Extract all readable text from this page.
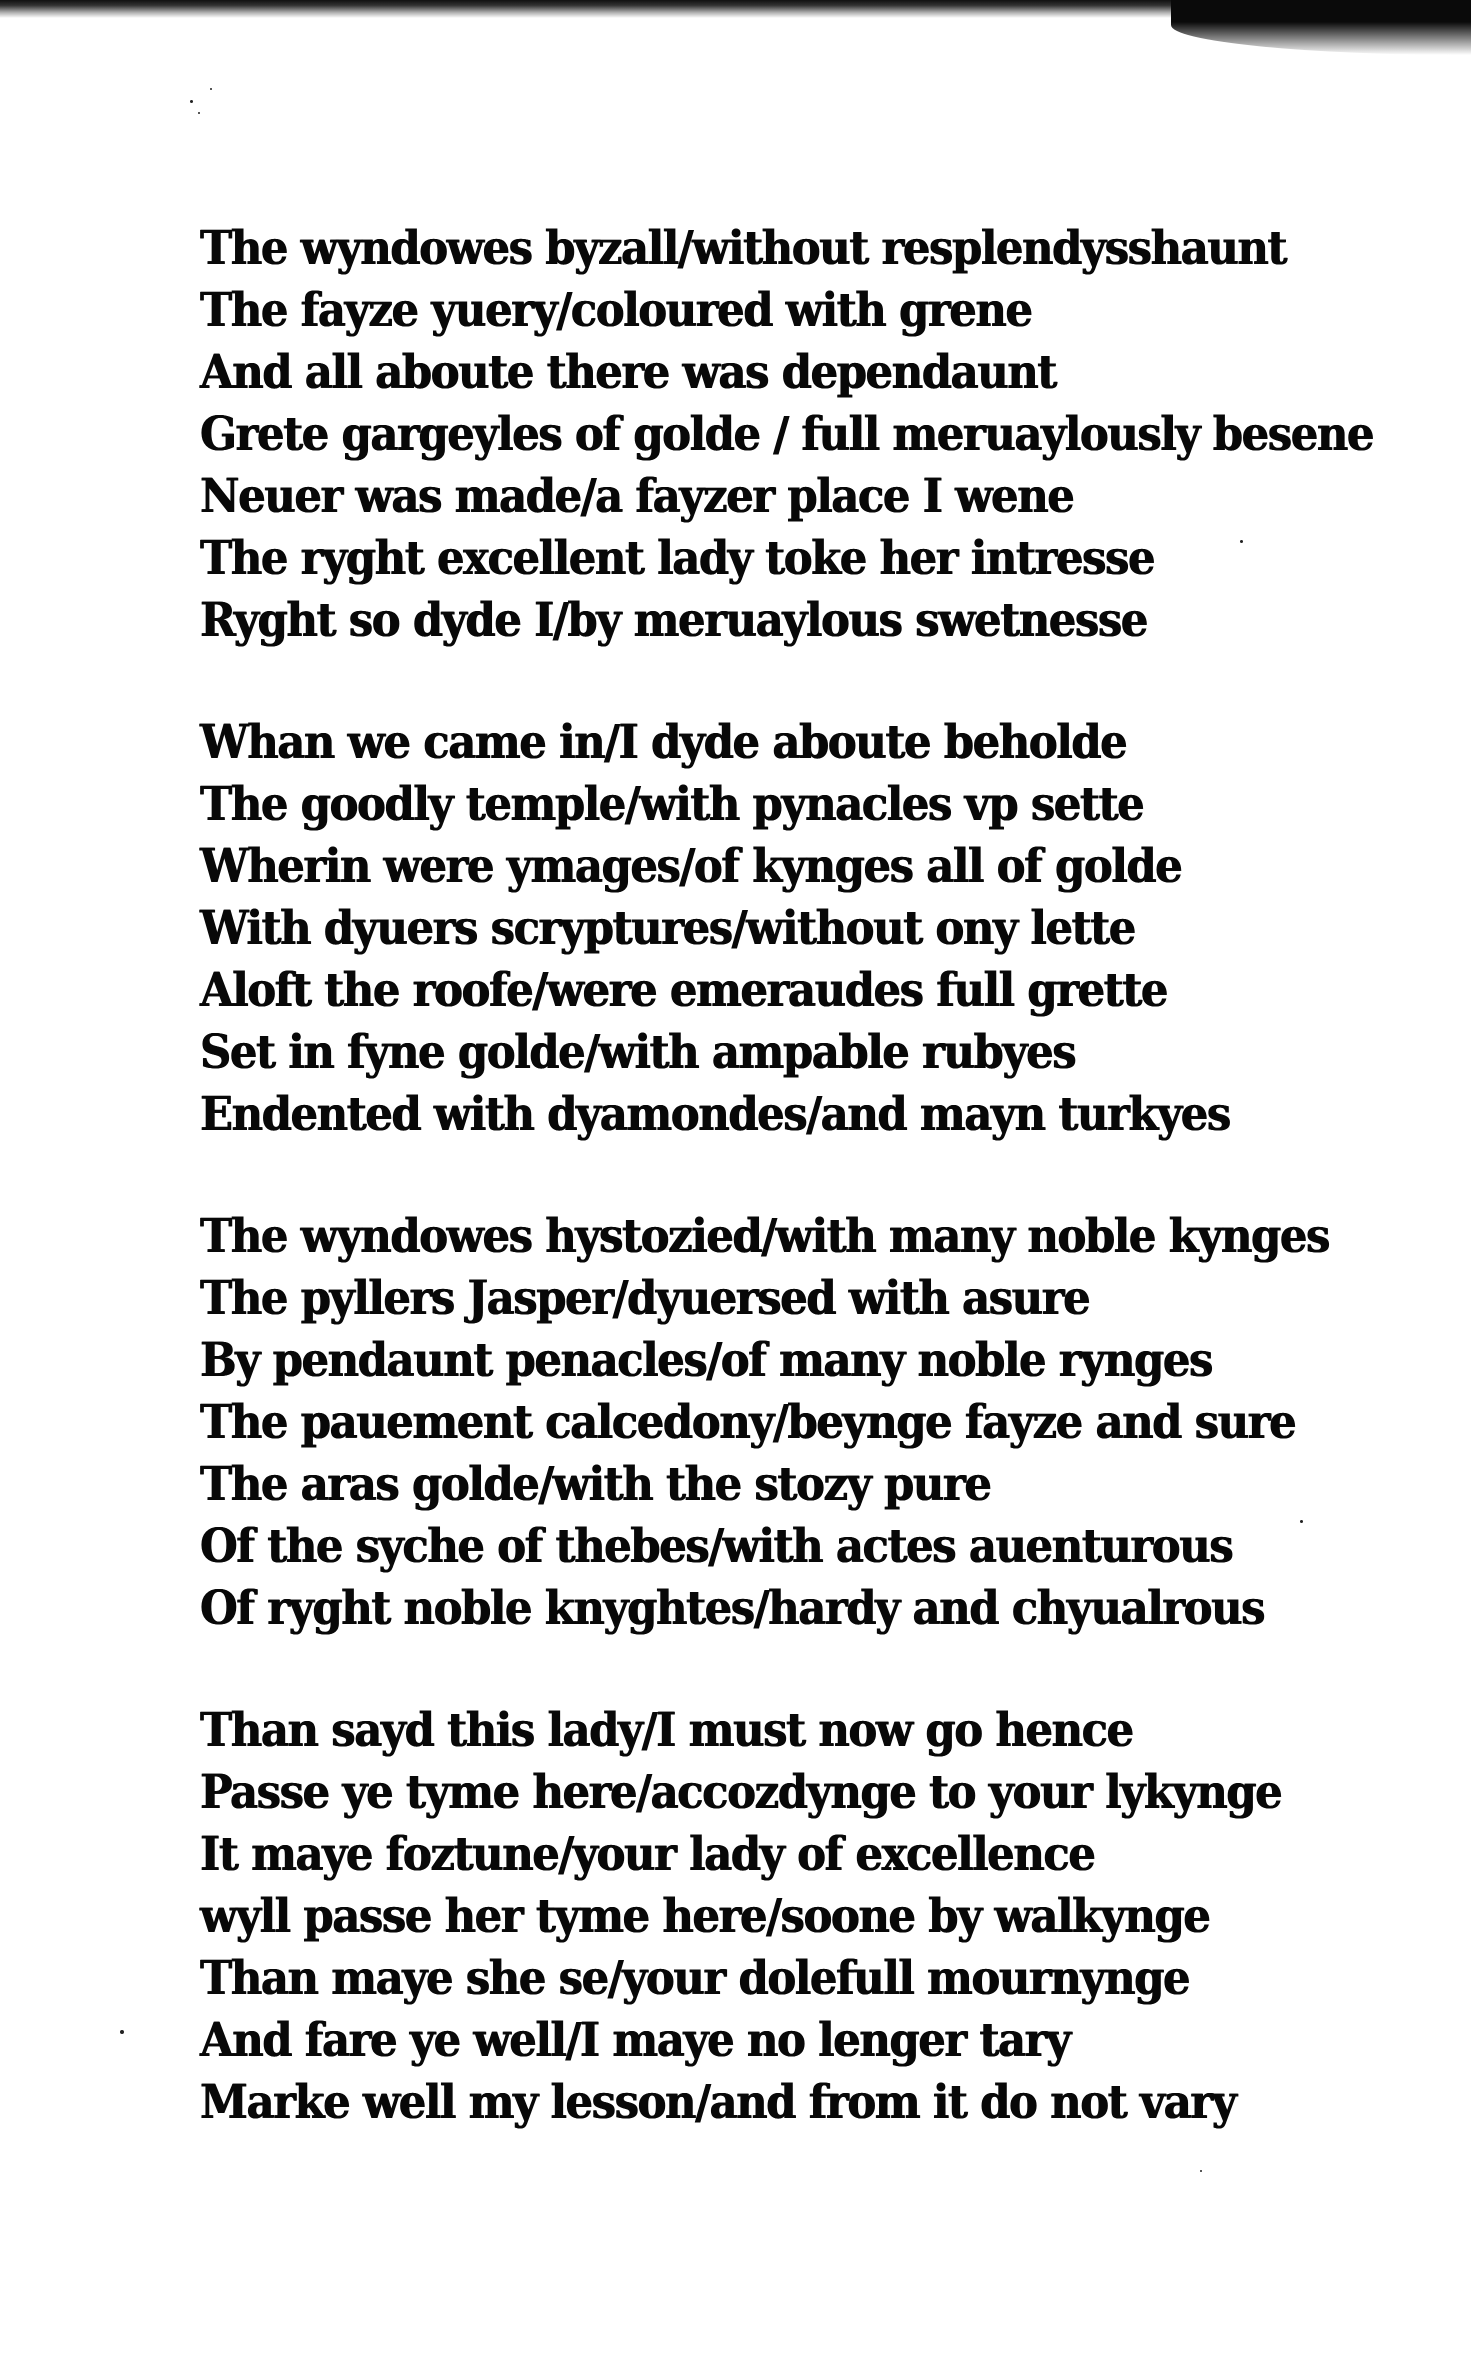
The wyndowes byzall/without resplendysshaunt
The fayze yuery/coloured with grene
And all aboute there was dependaunt
Grete gargeyles of golde / full meruaylously besene
Neuer was made/a fayzer place I wene
The ryght excellent lady toke her intresse
Ryght so dyde I/by meruaylous swetnesse
Whan we came in/I dyde aboute beholde
The goodly temple/with pynacles vp sette
Wherin were ymages/of kynges all of golde
With dyuers scryptures/without ony lette
Aloft the roofe/were emeraudes full grette
Set in fyne golde/with ampable rubyes
Endented with dyamondes/and mayn turkyes
The wyndowes hystozied/with many noble kynges
The pyllers Jasper/dyuersed with asure
By pendaunt penacles/of many noble rynges
The pauement calcedony/beynge fayze and sure
The aras golde/with the stozy pure
Of the syche of thebes/with actes auenturous
Of ryght noble knyghtes/hardy and chyualrous
Than sayd this lady/I must now go hence
Passe ye tyme here/accozdynge to your lykynge
It maye foztune/your lady of excellence
wyll passe her tyme here/soone by walkynge
Than maye she se/your dolefull mournynge
And fare ye well/I maye no lenger tary
Marke well my lesson/and from it do not vary
